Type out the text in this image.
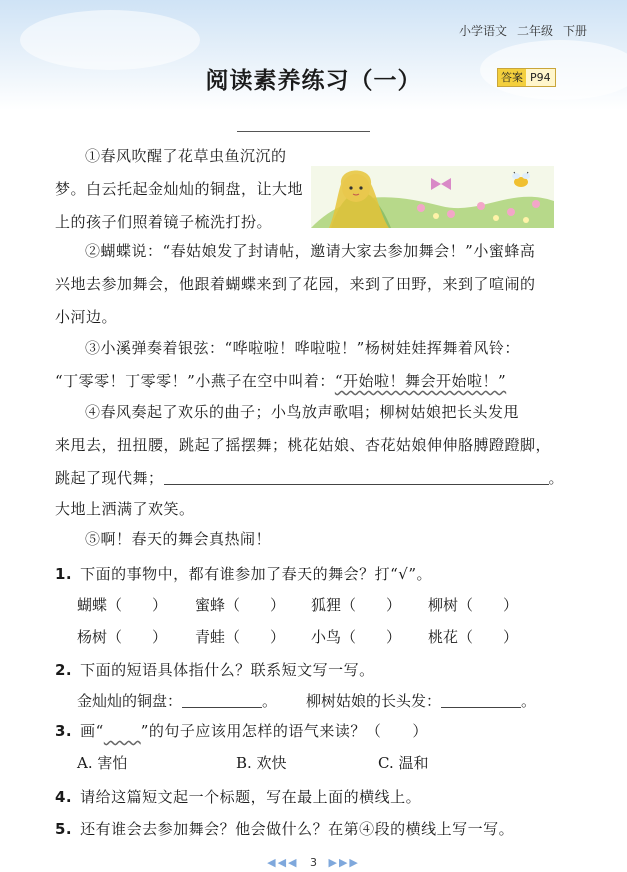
小学语文 二年级 下册
阅读素养练习（一）	答案 P94
①春风吹醒了花草虫鱼沉沉的
梦。白云托起金灿灿的铜盘，让大地
上的孩子们照着镜子梳洗打扮。
②蝴蝶说：“春姑娘发了封请帖，邀请大家去参加舞会！”小蜜蜂高
兴地去参加舞会，他跟着蝴蝶来到了花园，来到了田野，来到了喧闹的
小河边。
③小溪弹奏着银弦：“哗啦啦！哗啦啦！”杨树娃娃挥舞着风铃：
“丁零零！丁零零！”小燕子在空中叫着：“开始啦！舞会开始啦！”
④春风奏起了欢乐的曲子；小鸟放声歌唱；柳树姑娘把长头发甩
来甩去，扭扭腰，跳起了摇摆舞；桃花姑娘、杏花姑娘伸伸胳膊蹬蹬脚，
跳起了现代舞；	。
大地上洒满了欢笑。
⑤啊！春天的舞会真热闹！
1. 下面的事物中，都有谁参加了春天的舞会？打“√”。
蝴蝶（　　） 蜜蜂（　　） 狐狸（　　） 柳树（　　）
杨树（　　） 青蛙（　　） 小鸟（　　） 桃花（　　）
2. 下面的短语具体指什么？联系短文写一写。
金灿灿的铜盘：	。 柳树姑娘的长头发：	。
3. 画“ ”的句子应该用怎样的语气来读？（　　）
A. 害怕	B. 欢快	C. 温和
4. 请给这篇短文起一个标题，写在最上面的横线上。
5. 还有谁会去参加舞会？他会做什么？在第④段的横线上写一写。
◀◀◀ 3 ▶▶▶
